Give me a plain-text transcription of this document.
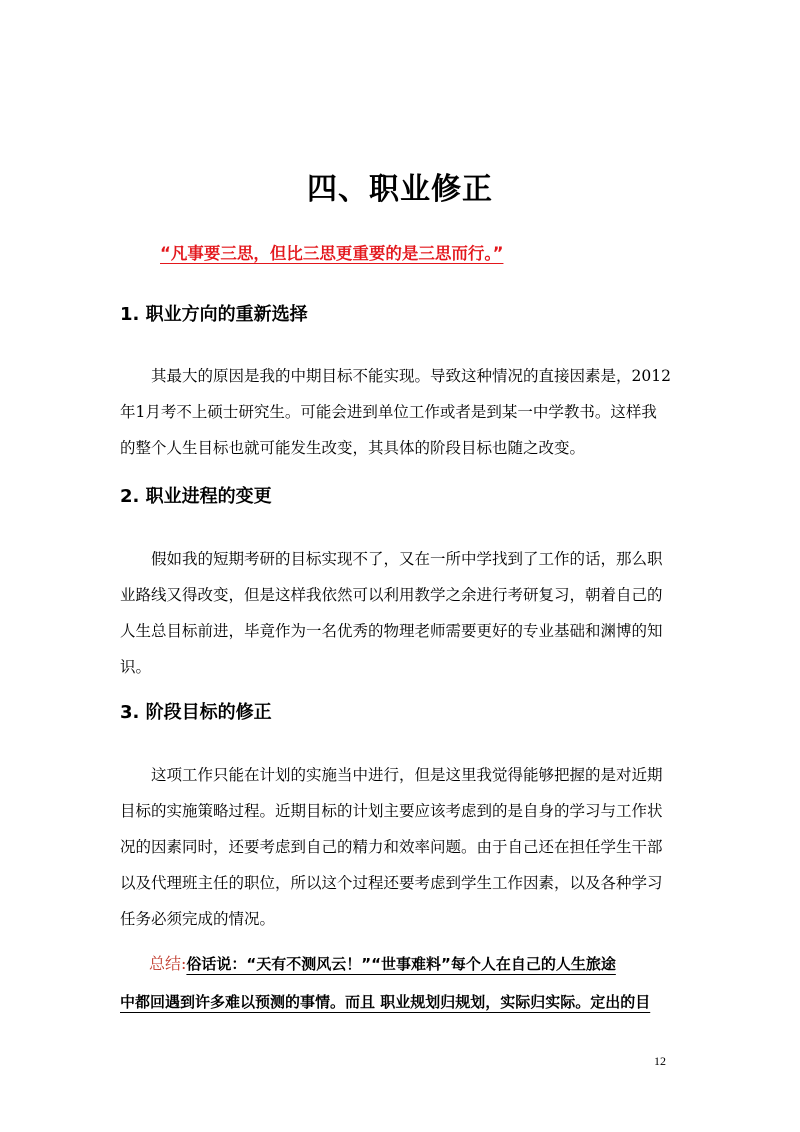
四、职业修正
“凡事要三思，但比三思更重要的是三思而行。”
1. 职业方向的重新选择
其最大的原因是我的中期目标不能实现。导致这种情况的直接因素是，2012
年1月考不上硕士研究生。可能会进到单位工作或者是到某一中学教书。这样我
的整个人生目标也就可能发生改变，其具体的阶段目标也随之改变。
2. 职业进程的变更
假如我的短期考研的目标实现不了，又在一所中学找到了工作的话，那么职
业路线又得改变，但是这样我依然可以利用教学之余进行考研复习，朝着自己的
人生总目标前进，毕竟作为一名优秀的物理老师需要更好的专业基础和渊博的知
识。
3. 阶段目标的修正
这项工作只能在计划的实施当中进行，但是这里我觉得能够把握的是对近期
目标的实施策略过程。近期目标的计划主要应该考虑到的是自身的学习与工作状
况的因素同时，还要考虑到自己的精力和效率问题。由于自己还在担任学生干部
以及代理班主任的职位，所以这个过程还要考虑到学生工作因素，以及各种学习
任务必须完成的情况。
总结:俗话说：“天有不测风云！”“世事难料”每个人在自己的人生旅途
中都回遇到许多难以预测的事情。而且 职业规划归规划，实际归实际。定出的目
12
